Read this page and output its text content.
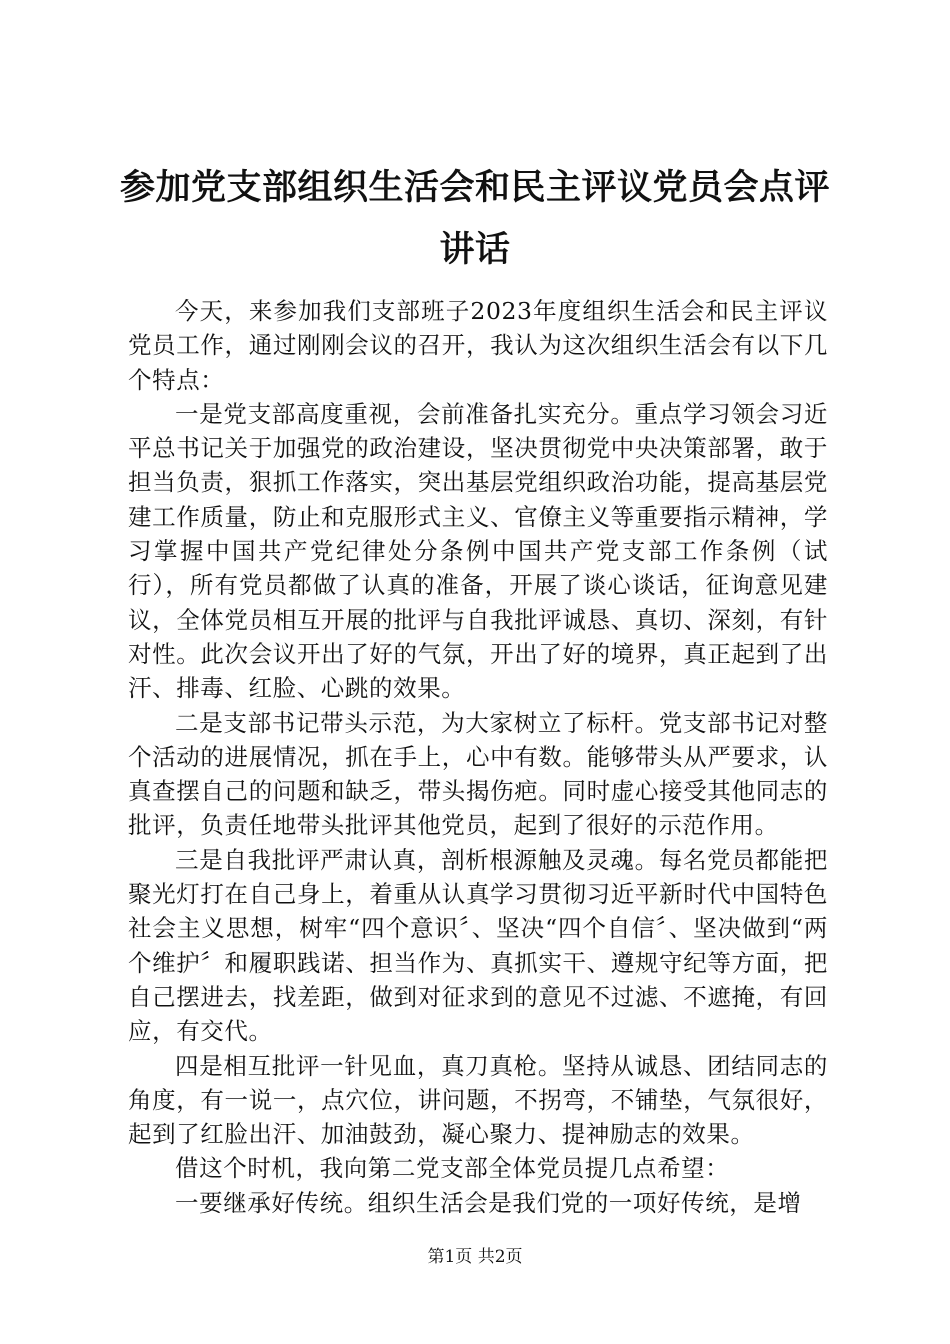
参加党支部组织生活会和民主评议党员会点评
讲话

今天，来参加我们支部班子2023年度组织生活会和民主评议党员工作，通过刚刚会议的召开，我认为这次组织生活会有以下几个特点：

一是党支部高度重视，会前准备扎实充分。重点学习领会习近平总书记关于加强党的政治建设，坚决贯彻党中央决策部署，敢于担当负责，狠抓工作落实，突出基层党组织政治功能，提高基层党建工作质量，防止和克服形式主义、官僚主义等重要指示精神，学习掌握中国共产党纪律处分条例中国共产党支部工作条例（试行），所有党员都做了认真的准备，开展了谈心谈话，征询意见建议，全体党员相互开展的批评与自我批评诚恳、真切、深刻，有针对性。此次会议开出了好的气氛，开出了好的境界，真正起到了出汗、排毒、红脸、心跳的效果。

二是支部书记带头示范，为大家树立了标杆。党支部书记对整个活动的进展情况，抓在手上，心中有数。能够带头从严要求，认真查摆自己的问题和缺乏，带头揭伤疤。同时虚心接受其他同志的批评，负责任地带头批评其他党员，起到了很好的示范作用。

三是自我批评严肃认真，剖析根源触及灵魂。每名党员都能把聚光灯打在自己身上，着重从认真学习贯彻习近平新时代中国特色社会主义思想，树牢“四个意识〞、坚决“四个自信〞、坚决做到“两个维护〞和履职践诺、担当作为、真抓实干、遵规守纪等方面，把自己摆进去，找差距，做到对征求到的意见不过滤、不遮掩，有回应，有交代。

四是相互批评一针见血，真刀真枪。坚持从诚恳、团结同志的角度，有一说一，点穴位，讲问题，不拐弯，不铺垫，气氛很好，起到了红脸出汗、加油鼓劲，凝心聚力、提神励志的效果。

借这个时机，我向第二党支部全体党员提几点希望：

一要继承好传统。组织生活会是我们党的一项好传统，是增

第1页 共2页
